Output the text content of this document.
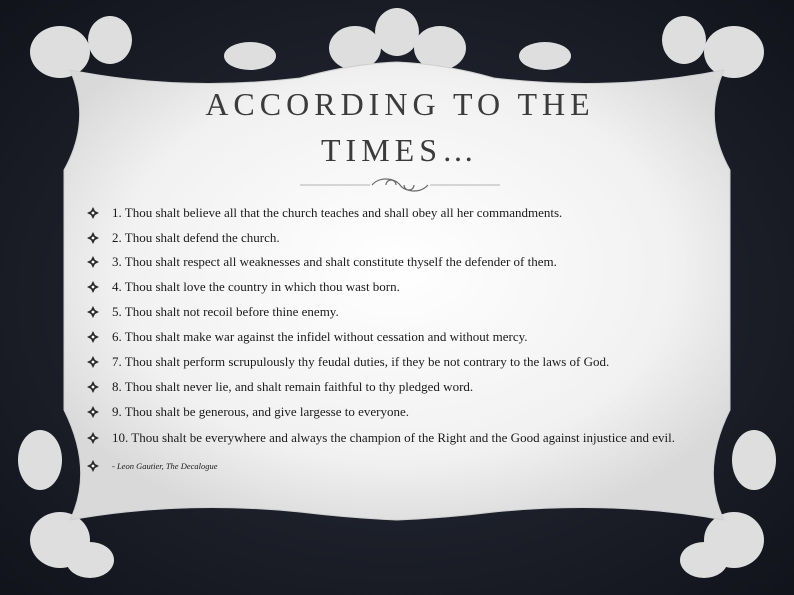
ACCORDING TO THE
TIMES…
1. Thou shalt believe all that the church teaches and shall obey all her commandments.
2. Thou shalt defend the church.
3. Thou shalt respect all weaknesses and shalt constitute thyself the defender of them.
4. Thou shalt love the country in which thou wast born.
5. Thou shalt not recoil before thine enemy.
6. Thou shalt make war against the infidel without cessation and without mercy.
7. Thou shalt perform scrupulously thy feudal duties, if they be not contrary to the laws of God.
8. Thou shalt never lie, and shalt remain faithful to thy pledged word.
9. Thou shalt be generous, and give largesse to everyone.
10. Thou shalt be everywhere and always the champion of the Right and the Good against injustice and evil.
- Leon Gautier, The Decalogue
